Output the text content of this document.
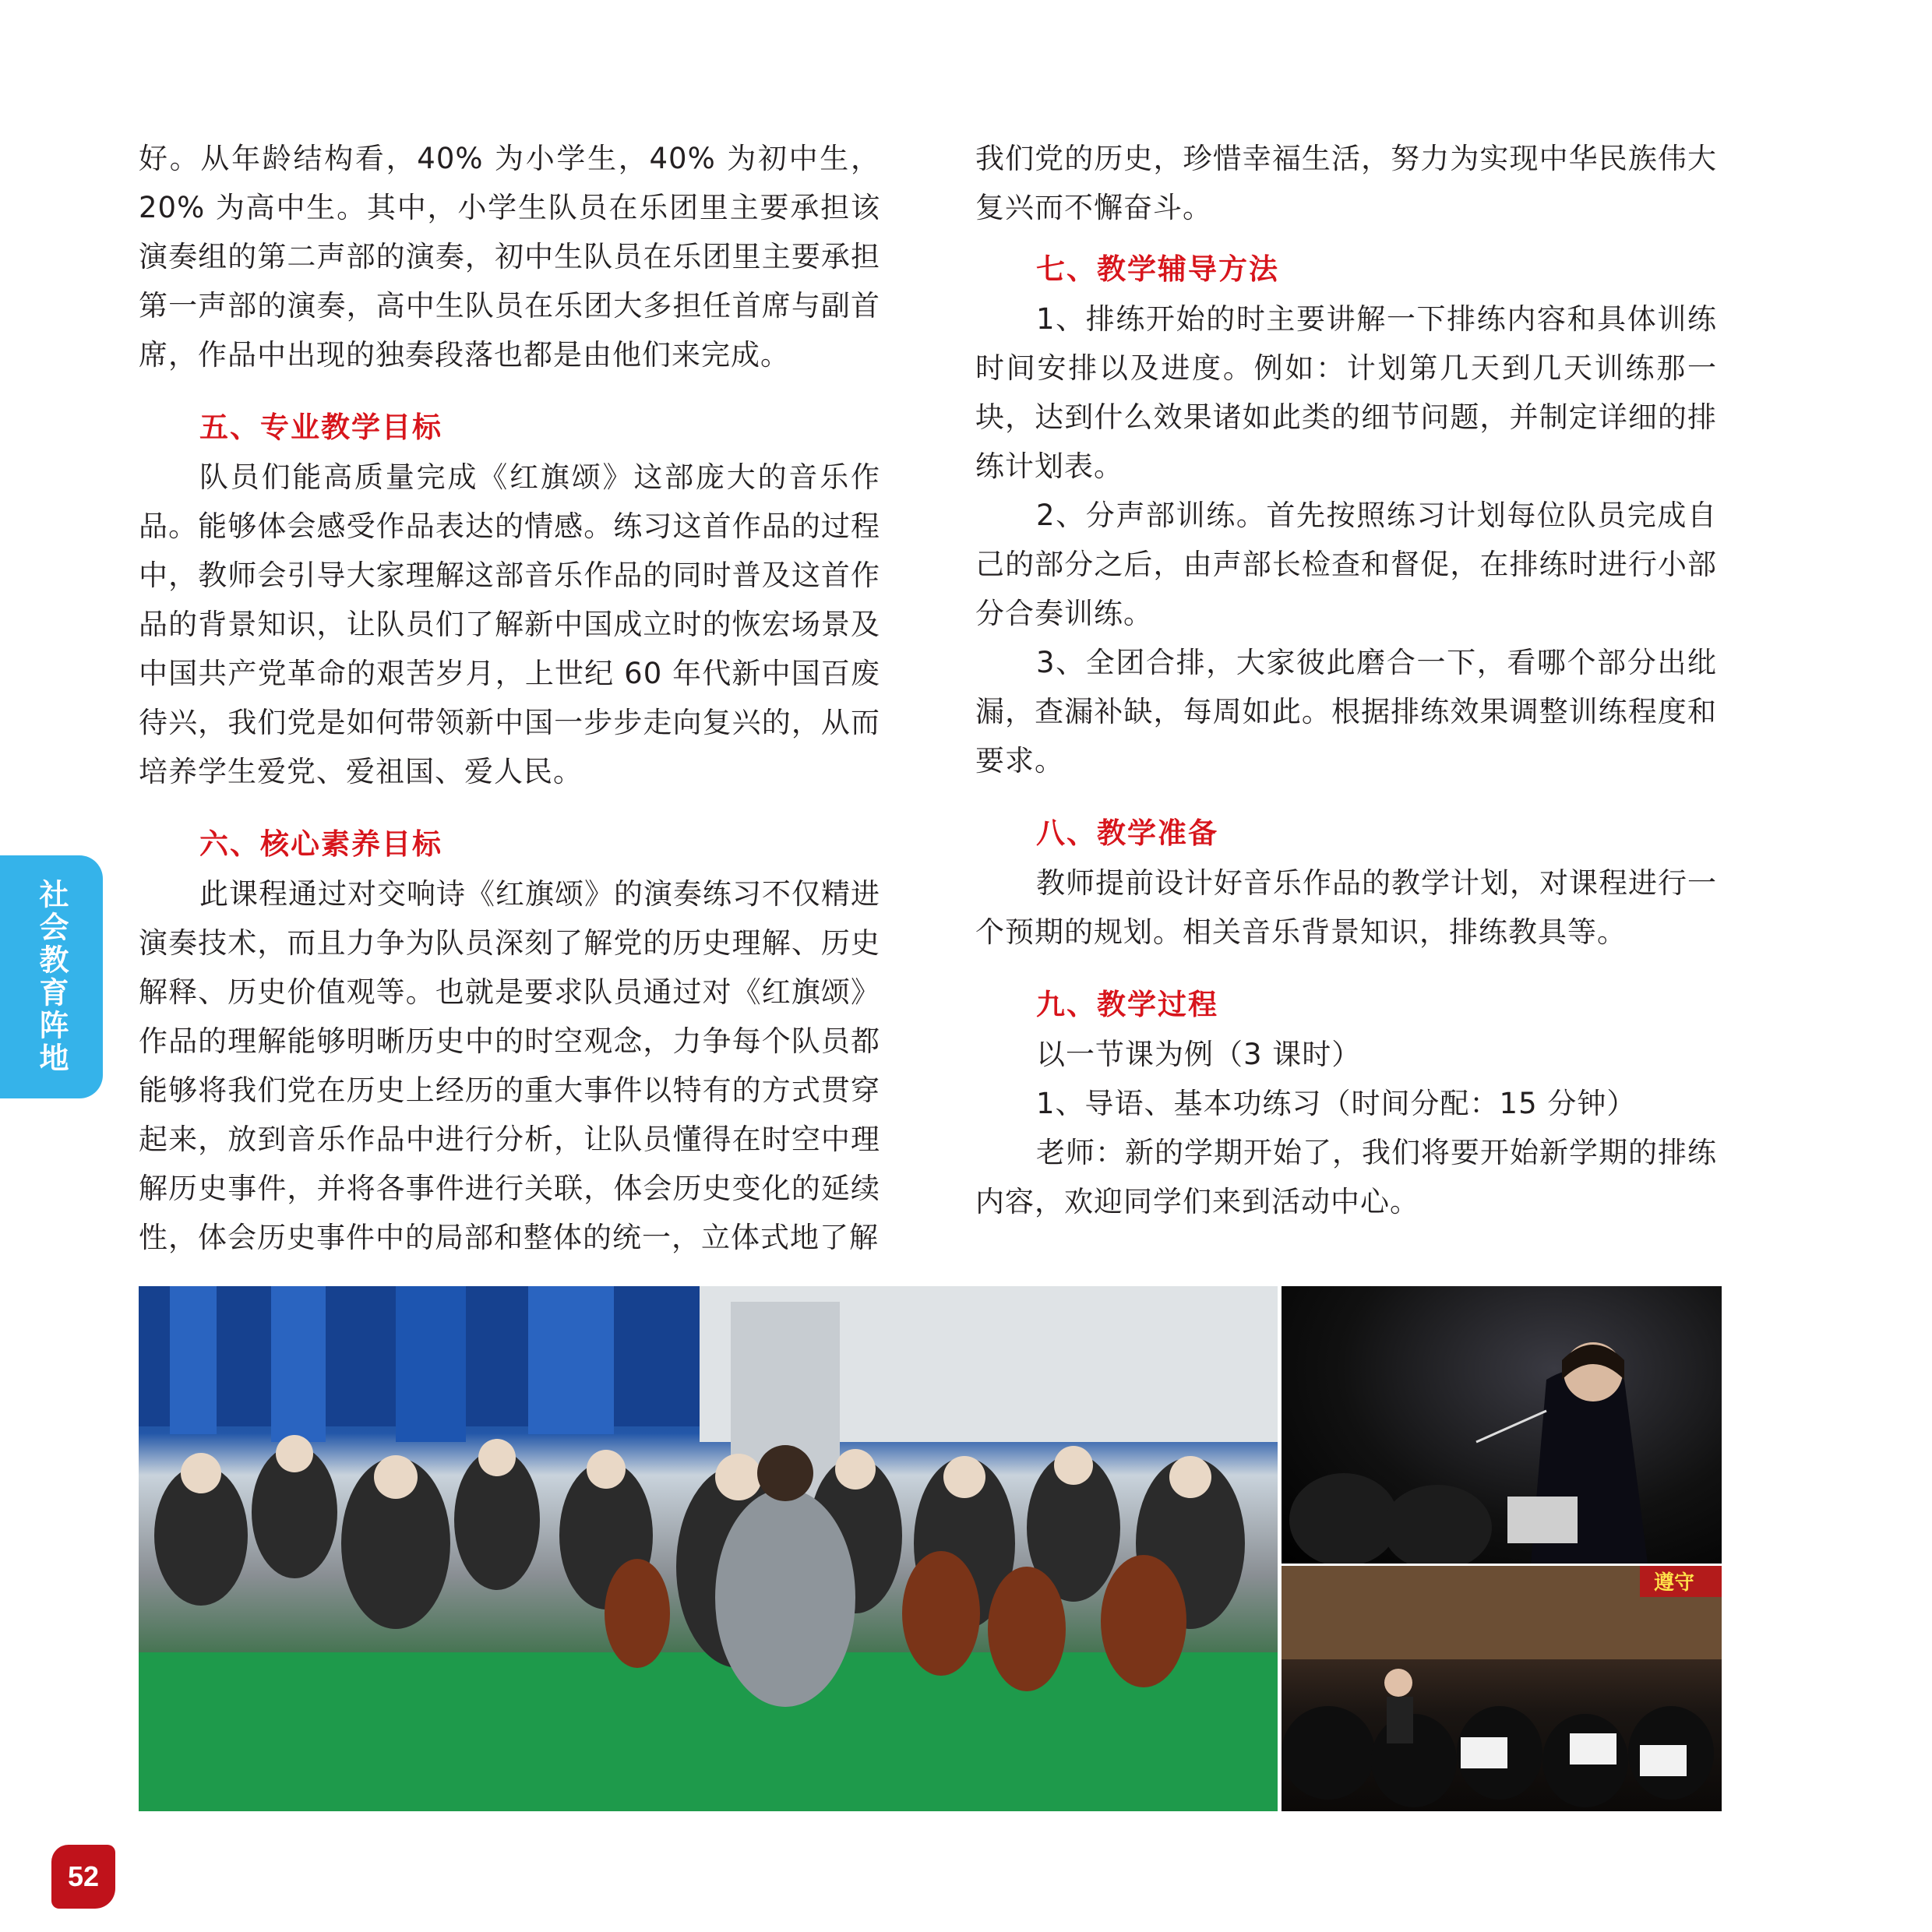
好。从年龄结构看，40% 为小学生，40% 为初中生，20% 为高中生。其中，小学生队员在乐团里主要承担该演奏组的第二声部的演奏，初中生队员在乐团里主要承担第一声部的演奏，高中生队员在乐团大多担任首席与副首席，作品中出现的独奏段落也都是由他们来完成。

五、专业教学目标

队员们能高质量完成《红旗颂》这部庞大的音乐作品。能够体会感受作品表达的情感。练习这首作品的过程中，教师会引导大家理解这部音乐作品的同时普及这首作品的背景知识，让队员们了解新中国成立时的恢宏场景及中国共产党革命的艰苦岁月，上世纪 60 年代新中国百废待兴，我们党是如何带领新中国一步步走向复兴的，从而培养学生爱党、爱祖国、爱人民。

六、核心素养目标

此课程通过对交响诗《红旗颂》的演奏练习不仅精进演奏技术，而且力争为队员深刻了解党的历史理解、历史解释、历史价值观等。也就是要求队员通过对《红旗颂》作品的理解能够明晰历史中的时空观念，力争每个队员都能够将我们党在历史上经历的重大事件以特有的方式贯穿起来，放到音乐作品中进行分析，让队员懂得在时空中理解历史事件，并将各事件进行关联，体会历史变化的延续性，体会历史事件中的局部和整体的统一，立体式地了解

我们党的历史，珍惜幸福生活，努力为实现中华民族伟大复兴而不懈奋斗。

七、教学辅导方法

1、排练开始的时主要讲解一下排练内容和具体训练时间安排以及进度。例如：计划第几天到几天训练那一块，达到什么效果诸如此类的细节问题，并制定详细的排练计划表。

2、分声部训练。首先按照练习计划每位队员完成自己的部分之后，由声部长检查和督促，在排练时进行小部分合奏训练。

3、全团合排，大家彼此磨合一下，看哪个部分出纰漏，查漏补缺，每周如此。根据排练效果调整训练程度和要求。

八、教学准备

教师提前设计好音乐作品的教学计划，对课程进行一个预期的规划。相关音乐背景知识，排练教具等。

九、教学过程

以一节课为例（3 课时）

1、导语、基本功练习（时间分配：15 分钟）

老师：新的学期开始了，我们将要开始新学期的排练内容，欢迎同学们来到活动中心。

社会教育阵地
遵守
52
